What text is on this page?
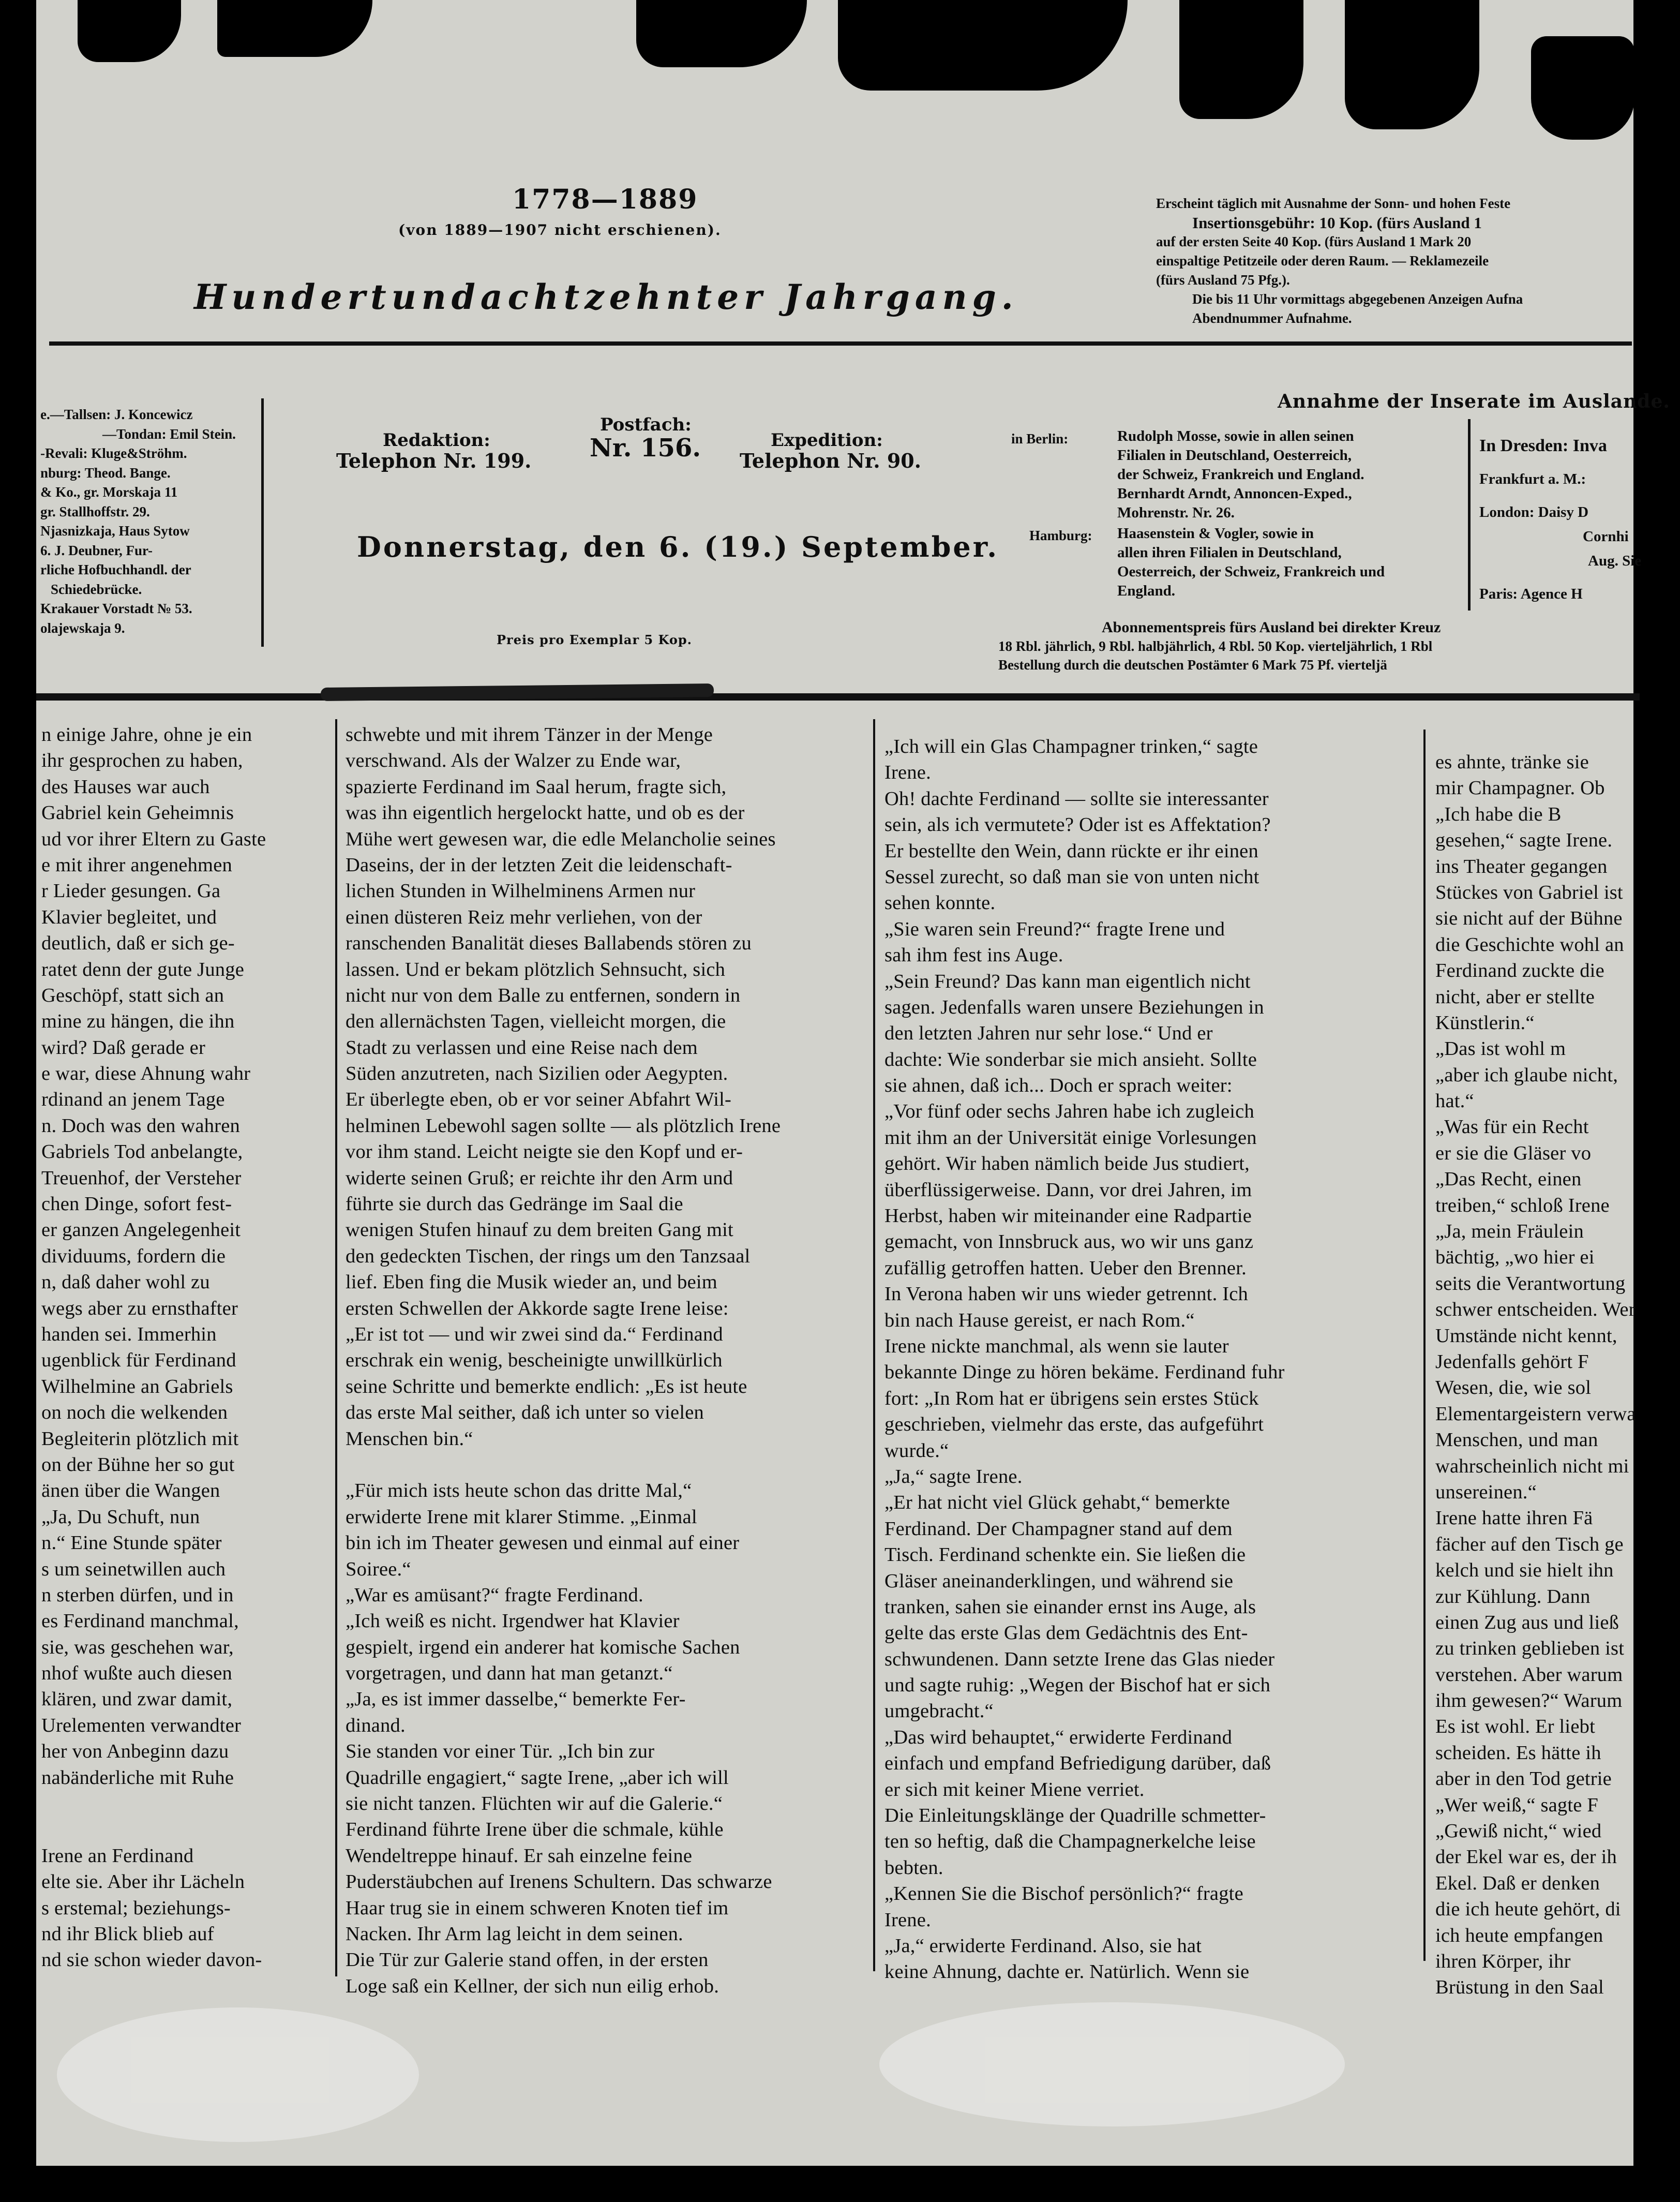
1778—1889
(von 1889—1907 nicht erschienen).
Hundertundachtzehnter Jahrgang.
Erscheint täglich mit Ausnahme der Sonn- und hohen Feste
Insertionsgebühr: 10 Kop. (fürs Ausland 1
auf der ersten Seite 40 Kop. (fürs Ausland 1 Mark 20
einspaltige Petitzeile oder deren Raum. — Reklamezeile
(fürs Ausland 75 Pfg.).
Die bis 11 Uhr vormittags abgegebenen Anzeigen Aufna
Abendnummer Aufnahme.
e.—Tallsen: J. Koncewicz
—Tondan: Emil Stein.
-Revali: Kluge&Ströhm.
nburg: Theod. Bange.
& Ko., gr. Morskaja 11
gr. Stallhoffstr. 29.
Njasnizkaja, Haus Sytow
6. J. Deubner, Fur-
rliche Hofbuchhandl. der
Schiedebrücke.
Krakauer Vorstadt № 53.
olajewskaja 9.
Redaktion:
Telephon Nr. 199.
Postfach:
Nr. 156.	Expedition:
Telephon Nr. 90.
Donnerstag, den 6. (19.) September.
Preis pro Exemplar 5 Kop.
Annahme der Inserate im Auslande.
in Berlin:	Rudolph Mosse, sowie in allen seinen
Filialen in Deutschland, Oesterreich,
der Schweiz, Frankreich und England.
Bernhardt Arndt, Annoncen-Exped.,
Mohrenstr. Nr. 26.
Hamburg: Haasenstein & Vogler, sowie in
allen ihren Filialen in Deutschland,
Oesterreich, der Schweiz, Frankreich und
England.
In Dresden: Inva
Frankfurt a. M.:
London: Daisy D
Cornhi
Aug. Sie
Paris: Agence H
Abonnementspreis fürs Ausland bei direkter Kreuz
18 Rbl. jährlich, 9 Rbl. halbjährlich, 4 Rbl. 50 Kop. vierteljährlich, 1 Rbl
Bestellung durch die deutschen Postämter 6 Mark 75 Pf. vierteljä
n einige Jahre, ohne je ein
ihr gesprochen zu haben,
des Hauses war auch
Gabriel kein Geheimnis
ud vor ihrer Eltern zu Gaste
e mit ihrer angenehmen
r Lieder gesungen. Ga
Klavier begleitet, und
deutlich, daß er sich ge-
ratet denn der gute Junge
Geschöpf, statt sich an
mine zu hängen, die ihn
wird? Daß gerade er
e war, diese Ahnung wahr
rdinand an jenem Tage
n. Doch was den wahren
Gabriels Tod anbelangte,
Treuenhof, der Versteher
chen Dinge, sofort fest-
er ganzen Angelegenheit
dividuums, fordern die
n, daß daher wohl zu
wegs aber zu ernsthafter
handen sei. Immerhin
ugenblick für Ferdinand
Wilhelmine an Gabriels
on noch die welkenden
Begleiterin plötzlich mit
on der Bühne her so gut
änen über die Wangen
„Ja, Du Schuft, nun
n.“ Eine Stunde später
s um seinetwillen auch
n sterben dürfen, und in
es Ferdinand manchmal,
sie, was geschehen war,
nhof wußte auch diesen
klären, und zwar damit,
Urelementen verwandter
her von Anbeginn dazu
nabänderliche mit Ruhe
Irene an Ferdinand
elte sie. Aber ihr Lächeln
s erstemal; beziehungs-
nd ihr Blick blieb auf
nd sie schon wieder davon-
schwebte und mit ihrem Tänzer in der Menge
verschwand. Als der Walzer zu Ende war,
spazierte Ferdinand im Saal herum, fragte sich,
was ihn eigentlich hergelockt hatte, und ob es der
Mühe wert gewesen war, die edle Melancholie seines
Daseins, der in der letzten Zeit die leidenschaft-
lichen Stunden in Wilhelminens Armen nur
einen düsteren Reiz mehr verliehen, von der
ranschenden Banalität dieses Ballabends stören zu
lassen. Und er bekam plötzlich Sehnsucht, sich
nicht nur von dem Balle zu entfernen, sondern in
den allernächsten Tagen, vielleicht morgen, die
Stadt zu verlassen und eine Reise nach dem
Süden anzutreten, nach Sizilien oder Aegypten.
Er überlegte eben, ob er vor seiner Abfahrt Wil-
helminen Lebewohl sagen sollte — als plötzlich Irene
vor ihm stand. Leicht neigte sie den Kopf und er-
widerte seinen Gruß; er reichte ihr den Arm und
führte sie durch das Gedränge im Saal die
wenigen Stufen hinauf zu dem breiten Gang mit
den gedeckten Tischen, der rings um den Tanzsaal
lief. Eben fing die Musik wieder an, und beim
ersten Schwellen der Akkorde sagte Irene leise:
„Er ist tot — und wir zwei sind da.“ Ferdinand
erschrak ein wenig, bescheinigte unwillkürlich
seine Schritte und bemerkte endlich: „Es ist heute
das erste Mal seither, daß ich unter so vielen
Menschen bin.“
„Für mich ists heute schon das dritte Mal,“
erwiderte Irene mit klarer Stimme. „Einmal
bin ich im Theater gewesen und einmal auf einer
Soiree.“
„War es amüsant?“ fragte Ferdinand.
„Ich weiß es nicht. Irgendwer hat Klavier
gespielt, irgend ein anderer hat komische Sachen
vorgetragen, und dann hat man getanzt.“
„Ja, es ist immer dasselbe,“ bemerkte Fer-
dinand.
Sie standen vor einer Tür. „Ich bin zur
Quadrille engagiert,“ sagte Irene, „aber ich will
sie nicht tanzen. Flüchten wir auf die Galerie.“
Ferdinand führte Irene über die schmale, kühle
Wendeltreppe hinauf. Er sah einzelne feine
Puderstäubchen auf Irenens Schultern. Das schwarze
Haar trug sie in einem schweren Knoten tief im
Nacken. Ihr Arm lag leicht in dem seinen.
Die Tür zur Galerie stand offen, in der ersten
Loge saß ein Kellner, der sich nun eilig erhob.
„Ich will ein Glas Champagner trinken,“ sagte
Irene.
Oh! dachte Ferdinand — sollte sie interessanter
sein, als ich vermutete? Oder ist es Affektation?
Er bestellte den Wein, dann rückte er ihr einen
Sessel zurecht, so daß man sie von unten nicht
sehen konnte.
„Sie waren sein Freund?“ fragte Irene und
sah ihm fest ins Auge.
„Sein Freund? Das kann man eigentlich nicht
sagen. Jedenfalls waren unsere Beziehungen in
den letzten Jahren nur sehr lose.“ Und er
dachte: Wie sonderbar sie mich ansieht. Sollte
sie ahnen, daß ich... Doch er sprach weiter:
„Vor fünf oder sechs Jahren habe ich zugleich
mit ihm an der Universität einige Vorlesungen
gehört. Wir haben nämlich beide Jus studiert,
überflüssigerweise. Dann, vor drei Jahren, im
Herbst, haben wir miteinander eine Radpartie
gemacht, von Innsbruck aus, wo wir uns ganz
zufällig getroffen hatten. Ueber den Brenner.
In Verona haben wir uns wieder getrennt. Ich
bin nach Hause gereist, er nach Rom.“
Irene nickte manchmal, als wenn sie lauter
bekannte Dinge zu hören bekäme. Ferdinand fuhr
fort: „In Rom hat er übrigens sein erstes Stück
geschrieben, vielmehr das erste, das aufgeführt
wurde.“
„Ja,“ sagte Irene.
„Er hat nicht viel Glück gehabt,“ bemerkte
Ferdinand. Der Champagner stand auf dem
Tisch. Ferdinand schenkte ein. Sie ließen die
Gläser aneinanderklingen, und während sie
tranken, sahen sie einander ernst ins Auge, als
gelte das erste Glas dem Gedächtnis des Ent-
schwundenen. Dann setzte Irene das Glas nieder
und sagte ruhig: „Wegen der Bischof hat er sich
umgebracht.“
„Das wird behauptet,“ erwiderte Ferdinand
einfach und empfand Befriedigung darüber, daß
er sich mit keiner Miene verriet.
Die Einleitungsklänge der Quadrille schmetter-
ten so heftig, daß die Champagnerkelche leise
bebten.
„Kennen Sie die Bischof persönlich?“ fragte
Irene.
„Ja,“ erwiderte Ferdinand. Also, sie hat
keine Ahnung, dachte er. Natürlich. Wenn sie
es ahnte, tränke sie
mir Champagner. Ob
„Ich habe die B
gesehen,“ sagte Irene.
ins Theater gegangen
Stückes von Gabriel ist
sie nicht auf der Bühne
die Geschichte wohl an
Ferdinand zuckte die
nicht, aber er stellte
Künstlerin.“
„Das ist wohl m
„aber ich glaube nicht,
hat.“
„Was für ein Recht
er sie die Gläser vo
„Das Recht, einen
treiben,“ schloß Irene
„Ja, mein Fräulein
bächtig, „wo hier ei
seits die Verantwortung
schwer entscheiden. Wer
Umstände nicht kennt,
Jedenfalls gehört F
Wesen, die, wie sol
Elementargeistern verwa
Menschen, und man
wahrscheinlich nicht mi
unsereinen.“
Irene hatte ihren Fä
fächer auf den Tisch ge
kelch und sie hielt ihn
zur Kühlung. Dann
einen Zug aus und ließ
zu trinken geblieben ist
verstehen. Aber warum
ihm gewesen?“ Warum
Es ist wohl. Er liebt
scheiden. Es hätte ih
aber in den Tod getrie
„Wer weiß,“ sagte F
„Gewiß nicht,“ wied
der Ekel war es, der ih
Ekel. Daß er denken
die ich heute gehört, di
ich heute empfangen
ihren Körper, ihr
Brüstung in den Saal
